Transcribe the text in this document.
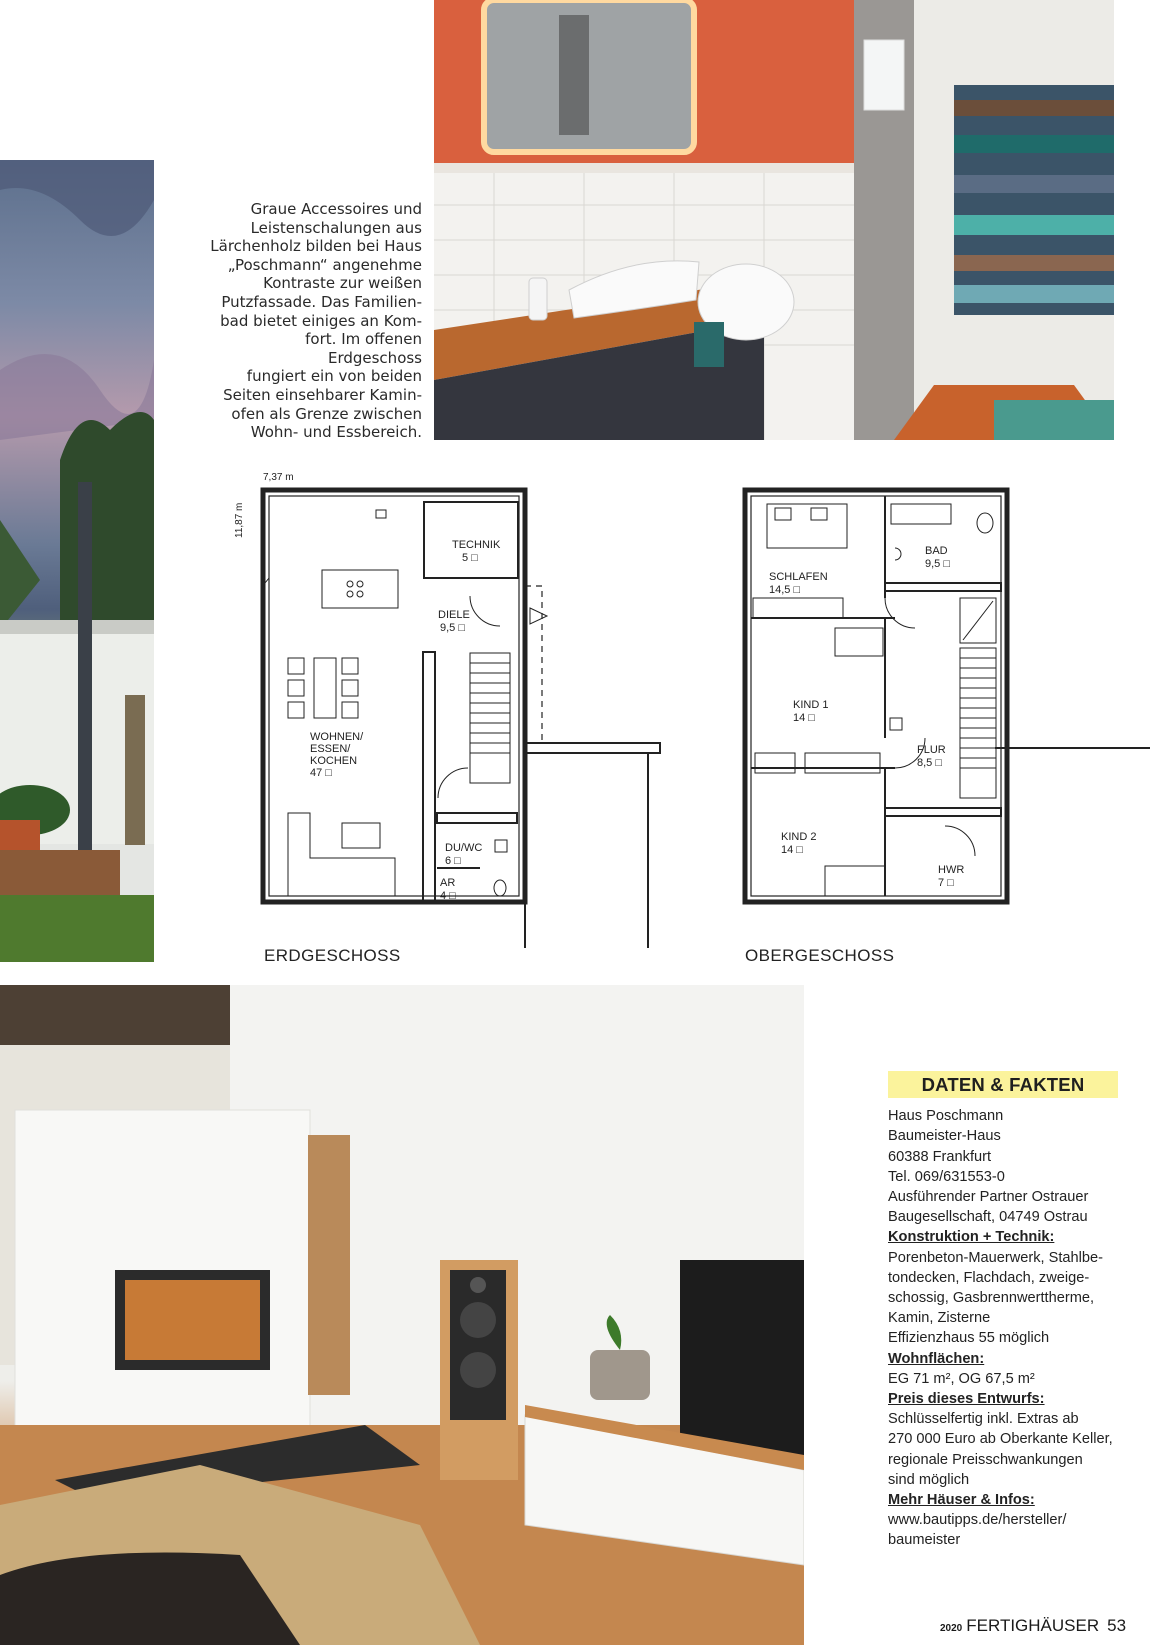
Graue Accessoires und
Leistenschalungen aus
Lärchenholz bilden bei Haus
„Poschmann“ angenehme
Kontraste zur weißen
Putzfassade. Das Familien-
bad bietet einiges an Kom-
fort. Im offenen Erdgeschoss
fungiert ein von beiden
Seiten einsehbarer Kamin-
ofen als Grenze zwischen
Wohn- und Essbereich.
7,37 m
11,87 m
TECHNIK
5 □
DIELE
9,5 □
WOHNEN/
ESSEN/
KOCHEN
47 □
DU/WC
6 □
AR
4 □
SCHLAFEN
14,5 □
BAD
9,5 □
KIND 1
14 □
FLUR
8,5 □
KIND 2
14 □
HWR
7 □
ERDGESCHOSS	OBERGESCHOSS
DATEN & FAKTEN
Haus Poschmann
Baumeister-Haus
60388 Frankfurt
Tel. 069/631553-0
Ausführender Partner Ostrauer
Baugesellschaft, 04749 Ostrau
Konstruktion + Technik:
Porenbeton-Mauerwerk, Stahlbe-
tondecken, Flachdach, zweige-
schossig, Gasbrennwerttherme,
Kamin, Zisterne
Effizienzhaus 55 möglich
Wohnflächen:
EG 71 m², OG 67,5 m²
Preis dieses Entwurfs:
Schlüsselfertig inkl. Extras ab
270 000 Euro ab Oberkante Keller,
regionale Preisschwankungen
sind möglich
Mehr Häuser & Infos:
www.bautipps.de/hersteller/
baumeister
2020 FERTIGHÄUSER 53
